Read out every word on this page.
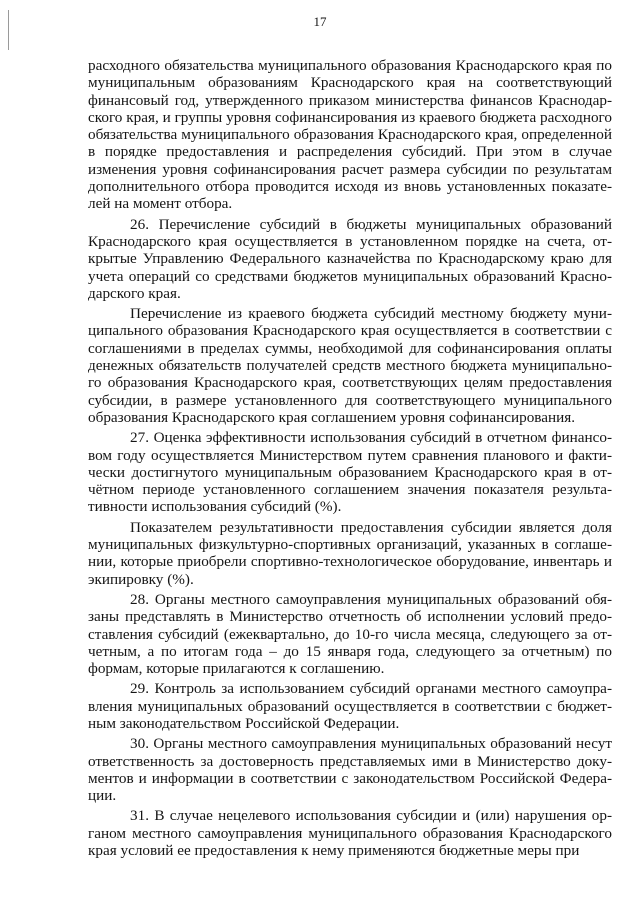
17

расходного обязательства муниципального образования Краснодарского края по муниципальным образованиям Краснодарского края на соответствующий финансовый год, утвержденного приказом министерства финансов Краснодарского края, и группы уровня софинансирования из краевого бюджета расходного обязательства муниципального образования Краснодарского края, определенной в порядке предоставления и распределения субсидий. При этом в случае изменения уровня софинансирования расчет размера субсидии по результатам дополнительного отбора проводится исходя из вновь установленных показателей на момент отбора.

26. Перечисление субсидий в бюджеты муниципальных образований Краснодарского края осуществляется в установленном порядке на счета, открытые Управлению Федерального казначейства по Краснодарскому краю для учета операций со средствами бюджетов муниципальных образований Краснодарского края.

Перечисление из краевого бюджета субсидий местному бюджету муниципального образования Краснодарского края осуществляется в соответствии с соглашениями в пределах суммы, необходимой для софинансирования оплаты денежных обязательств получателей средств местного бюджета муниципального образования Краснодарского края, соответствующих целям предоставления субсидии, в размере установленного для соответствующего муниципального образования Краснодарского края соглашением уровня софинансирования.

27. Оценка эффективности использования субсидий в отчетном финансовом году осуществляется Министерством путем сравнения планового и фактически достигнутого муниципальным образованием Краснодарского края в отчётном периоде установленного соглашением значения показателя результативности использования субсидий (%).

Показателем результативности предоставления субсидии является доля муниципальных физкультурно-спортивных организаций, указанных в соглашении, которые приобрели спортивно-технологическое оборудование, инвентарь и экипировку (%).

28. Органы местного самоуправления муниципальных образований обязаны представлять в Министерство отчетность об исполнении условий предоставления субсидий (ежеквартально, до 10-го числа месяца, следующего за отчетным, а по итогам года – до 15 января года, следующего за отчетным) по формам, которые прилагаются к соглашению.

29. Контроль за использованием субсидий органами местного самоуправления муниципальных образований осуществляется в соответствии с бюджетным законодательством Российской Федерации.

30. Органы местного самоуправления муниципальных образований несут ответственность за достоверность представляемых ими в Министерство документов и информации в соответствии с законодательством Российской Федерации.

31. В случае нецелевого использования субсидии и (или) нарушения органом местного самоуправления муниципального образования Краснодарского края условий ее предоставления к нему применяются бюджетные меры при
